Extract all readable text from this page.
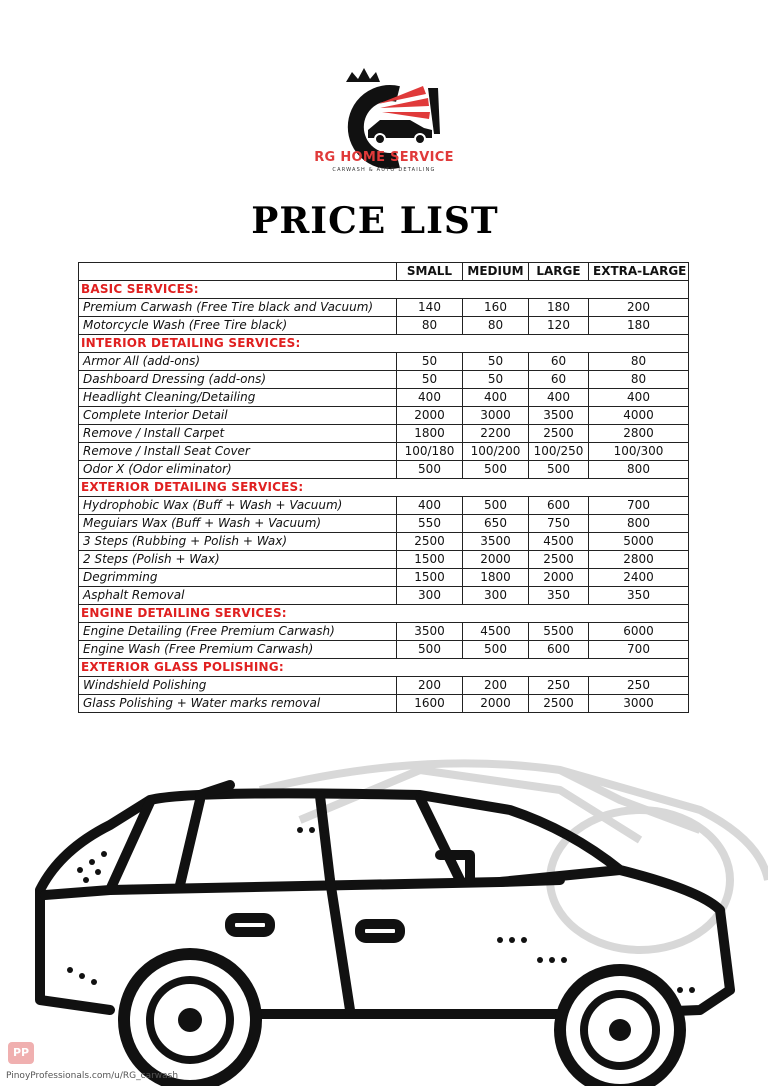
RG HOME SERVICE
CARWASH & AUTO DETAILING
PRICE LIST
	SMALL	MEDIUM	LARGE	EXTRA-LARGE
BASIC SERVICES:				
Premium Carwash (Free Tire black and Vacuum)	140	160	180	200
Motorcycle Wash (Free Tire black)	80	80	120	180
INTERIOR DETAILING SERVICES:				
Armor All (add-ons)	50	50	60	80
Dashboard Dressing (add-ons)	50	50	60	80
Headlight Cleaning/Detailing	400	400	400	400
Complete Interior Detail	2000	3000	3500	4000
Remove / Install Carpet	1800	2200	2500	2800
Remove / Install Seat Cover	100/180	100/200	100/250	100/300
Odor X (Odor eliminator)	500	500	500	800
EXTERIOR DETAILING SERVICES:				
Hydrophobic Wax (Buff + Wash + Vacuum)	400	500	600	700
Meguiars Wax (Buff + Wash + Vacuum)	550	650	750	800
3 Steps (Rubbing + Polish + Wax)	2500	3500	4500	5000
2 Steps (Polish + Wax)	1500	2000	2500	2800
Degrimming	1500	1800	2000	2400
Asphalt Removal	300	300	350	350
ENGINE DETAILING SERVICES:				
Engine Detailing (Free Premium Carwash)	3500	4500	5500	6000
Engine Wash (Free Premium Carwash)	500	500	600	700
EXTERIOR GLASS POLISHING:				
Windshield Polishing	200	200	250	250
Glass Polishing + Water marks removal	1600	2000	2500	3000
PP
PinoyProfessionals.com/u/RG_carwash
